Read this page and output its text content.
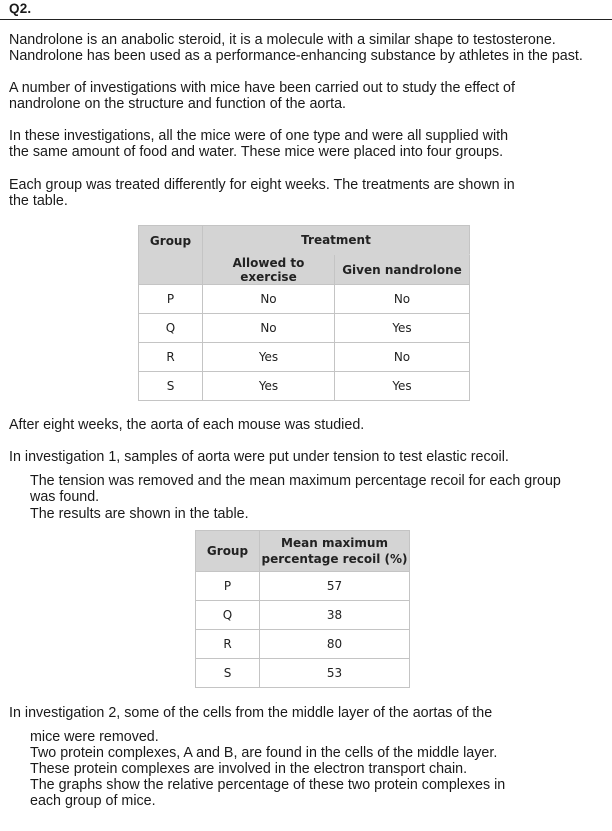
Q2.

Nandrolone is an anabolic steroid, it is a molecule with a similar shape to testosterone. Nandrolone has been used as a performance-enhancing substance by athletes in the past.

A number of investigations with mice have been carried out to study the effect of nandrolone on the structure and function of the aorta.

In these investigations, all the mice were of one type and were all supplied with the same amount of food and water. These mice were placed into four groups.

Each group was treated differently for eight weeks. The treatments are shown in the table.

Group	Treatment	
	Allowed to exercise	Given nandrolone
P	No	No
Q	No	Yes
R	Yes	No
S	Yes	Yes

After eight weeks, the aorta of each mouse was studied.

In investigation 1, samples of aorta were put under tension to test elastic recoil.

The tension was removed and the mean maximum percentage recoil for each group was found.

The results are shown in the table.

Group	Mean maximum percentage recoil (%)
P	57
Q	38
R	80
S	53

In investigation 2, some of the cells from the middle layer of the aortas of the

mice were removed.

Two protein complexes, A and B, are found in the cells of the middle layer.

These protein complexes are involved in the electron transport chain.

The graphs show the relative percentage of these two protein complexes in

each group of mice.
